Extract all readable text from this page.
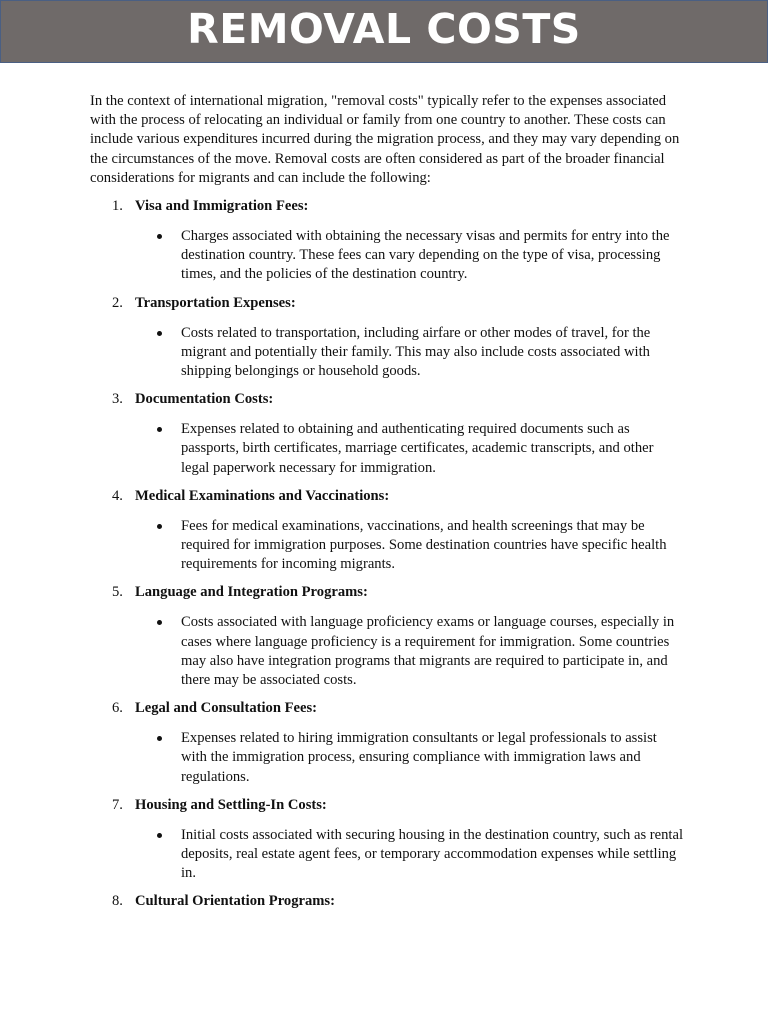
REMOVAL COSTS

In the context of international migration, "removal costs" typically refer to the expenses associated with the process of relocating an individual or family from one country to another. These costs can include various expenditures incurred during the migration process, and they may vary depending on the circumstances of the move. Removal costs are often considered as part of the broader financial considerations for migrants and can include the following:

1. Visa and Immigration Fees:
Charges associated with obtaining the necessary visas and permits for entry into the destination country. These fees can vary depending on the type of visa, processing times, and the policies of the destination country.
2. Transportation Expenses:
Costs related to transportation, including airfare or other modes of travel, for the migrant and potentially their family. This may also include costs associated with shipping belongings or household goods.
3. Documentation Costs:
Expenses related to obtaining and authenticating required documents such as passports, birth certificates, marriage certificates, academic transcripts, and other legal paperwork necessary for immigration.
4. Medical Examinations and Vaccinations:
Fees for medical examinations, vaccinations, and health screenings that may be required for immigration purposes. Some destination countries have specific health requirements for incoming migrants.
5. Language and Integration Programs:
Costs associated with language proficiency exams or language courses, especially in cases where language proficiency is a requirement for immigration. Some countries may also have integration programs that migrants are required to participate in, and there may be associated costs.
6. Legal and Consultation Fees:
Expenses related to hiring immigration consultants or legal professionals to assist with the immigration process, ensuring compliance with immigration laws and regulations.
7. Housing and Settling-In Costs:
Initial costs associated with securing housing in the destination country, such as rental deposits, real estate agent fees, or temporary accommodation expenses while settling in.
8. Cultural Orientation Programs:
